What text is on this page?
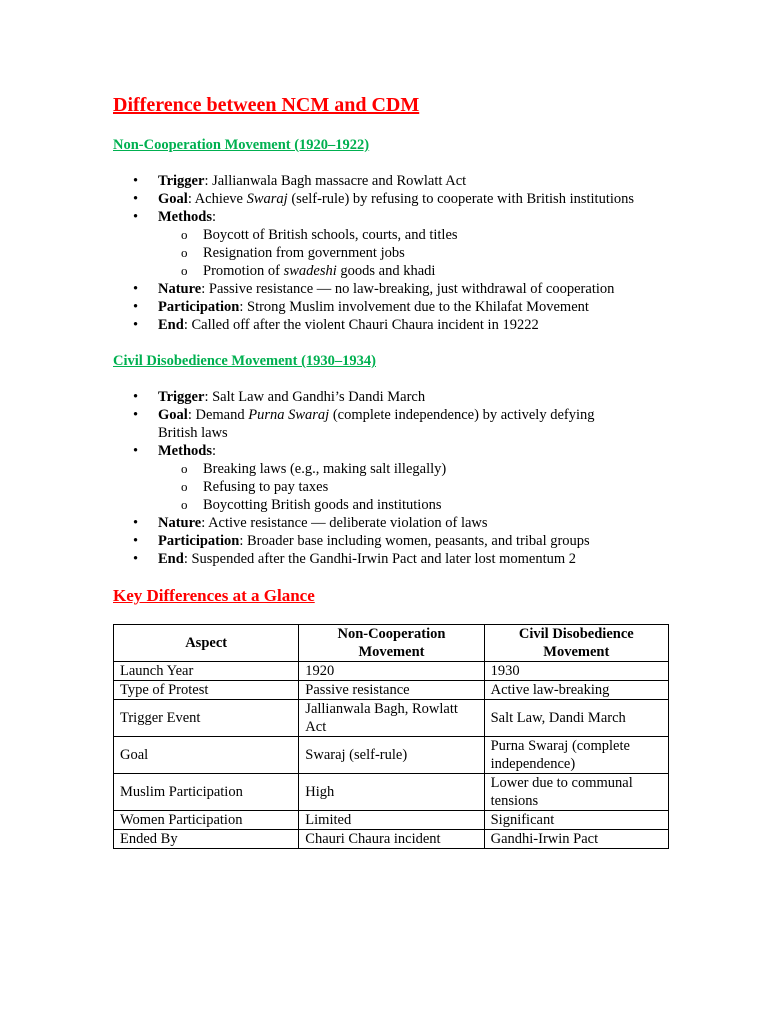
Difference between NCM and CDM
Non-Cooperation Movement (1920–1922)
• Trigger: Jallianwala Bagh massacre and Rowlatt Act
• Goal: Achieve Swaraj (self-rule) by refusing to cooperate with British institutions
• Methods:
o Boycott of British schools, courts, and titles
o Resignation from government jobs
o Promotion of swadeshi goods and khadi
• Nature: Passive resistance — no law-breaking, just withdrawal of cooperation
• Participation: Strong Muslim involvement due to the Khilafat Movement
• End: Called off after the violent Chauri Chaura incident in 19222
Civil Disobedience Movement (1930–1934)
• Trigger: Salt Law and Gandhi’s Dandi March
• Goal: Demand Purna Swaraj (complete independence) by actively defying British laws
• Methods:
o Breaking laws (e.g., making salt illegally)
o Refusing to pay taxes
o Boycotting British goods and institutions
• Nature: Active resistance — deliberate violation of laws
• Participation: Broader base including women, peasants, and tribal groups
• End: Suspended after the Gandhi-Irwin Pact and later lost momentum 2
Key Differences at a Glance
Aspect	Non-Cooperation Movement	Civil Disobedience Movement
Launch Year	1920	1930
Type of Protest	Passive resistance	Active law-breaking
Trigger Event	Jallianwala Bagh, Rowlatt Act	Salt Law, Dandi March
Goal	Swaraj (self-rule)	Purna Swaraj (complete independence)
Muslim Participation	High	Lower due to communal tensions
Women Participation	Limited	Significant
Ended By	Chauri Chaura incident	Gandhi-Irwin Pact
